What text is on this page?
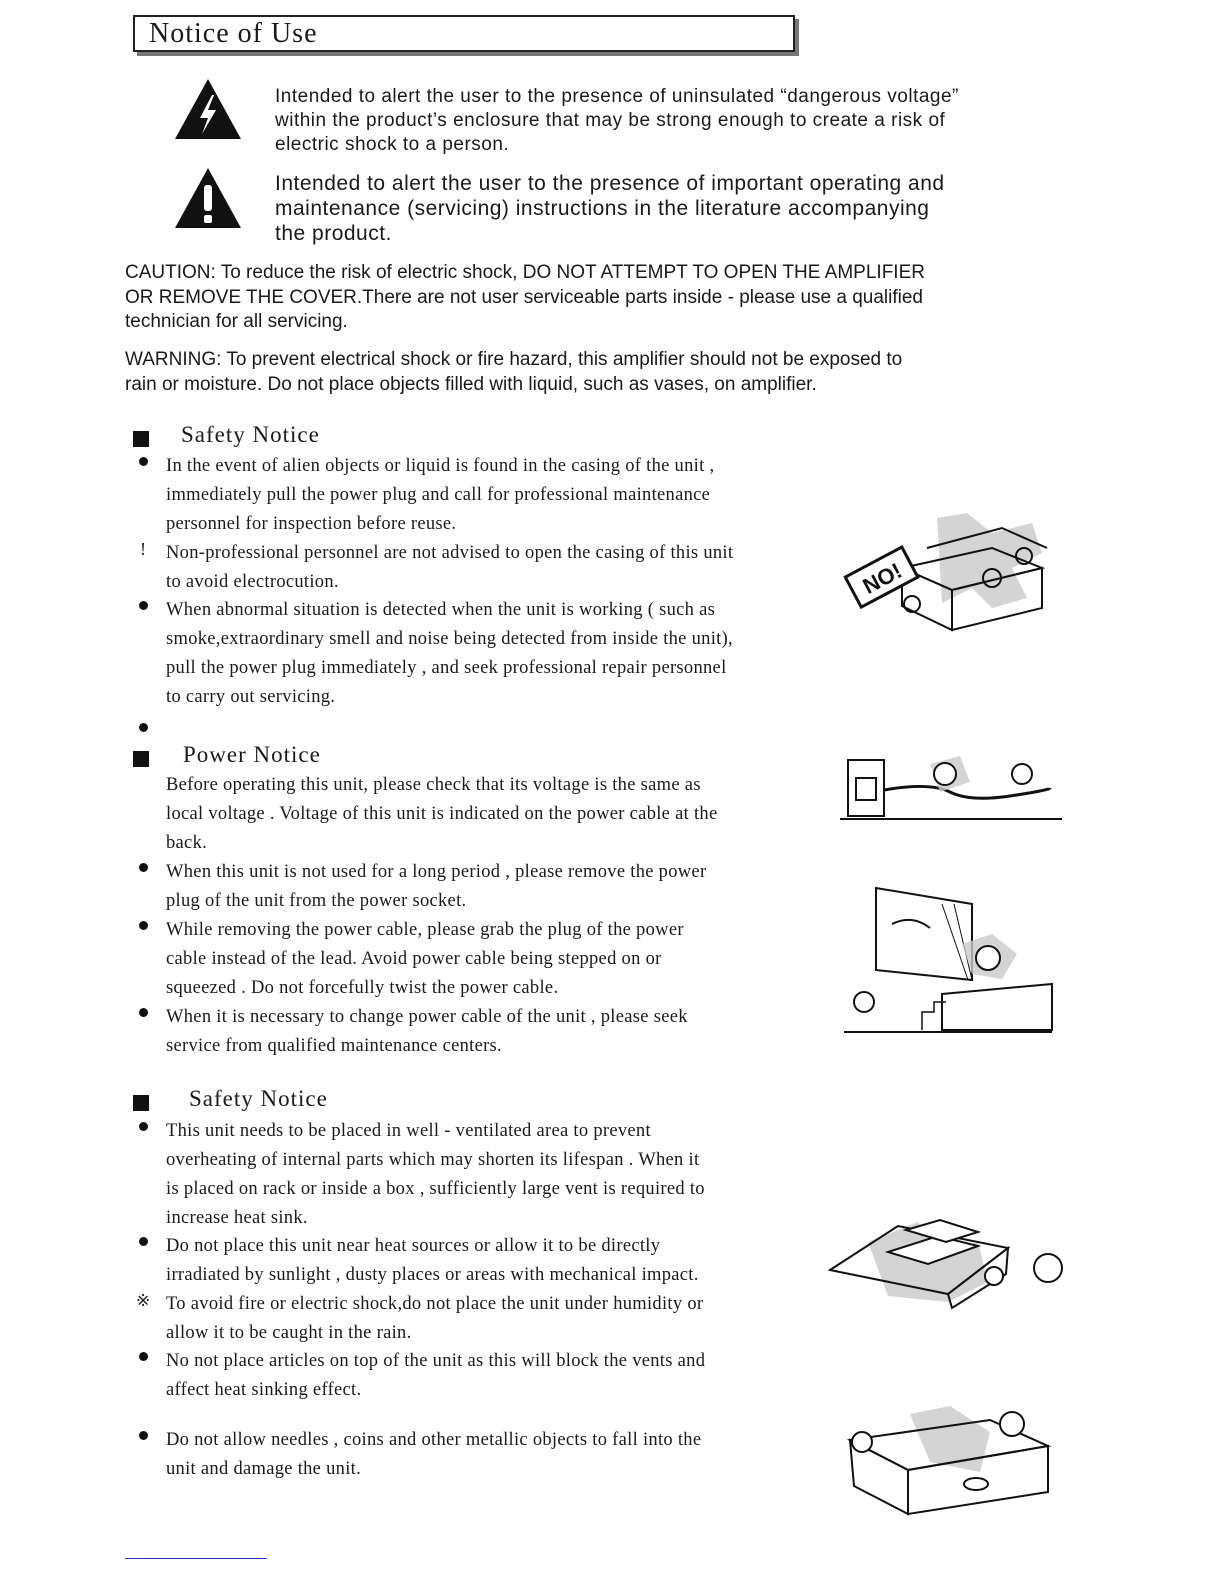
Notice of Use
Intended to alert the user to the presence of uninsulated “dangerous voltage”
within the product’s enclosure that may be strong enough to create a risk of
electric shock to a person.
Intended to alert the user to the presence of important operating and
maintenance (servicing) instructions in the literature accompanying
the product.
CAUTION: To reduce the risk of electric shock, DO NOT ATTEMPT TO OPEN THE AMPLIFIER
OR REMOVE THE COVER.There are not user serviceable parts inside - please use a qualified
technician for all servicing.
WARNING: To prevent electrical shock or fire hazard, this amplifier should not be exposed to
rain or moisture. Do not place objects filled with liquid, such as vases, on amplifier.
Safety Notice
In the event of alien objects or liquid is found in the casing of the unit ,
immediately pull the power plug and call for professional maintenance
personnel for inspection before reuse.
! Non-professional personnel are not advised to open the casing of this unit
to avoid electrocution.
When abnormal situation is detected when the unit is working ( such as
smoke,extraordinary smell and noise being detected from inside the unit),
pull the power plug immediately , and seek professional repair personnel
to carry out servicing.
NO!
Power Notice
Before operating this unit, please check that its voltage is the same as
local voltage . Voltage of this unit is indicated on the power cable at the
back.
When this unit is not used for a long period , please remove the power
plug of the unit from the power socket.
While removing the power cable, please grab the plug of the power
cable instead of the lead. Avoid power cable being stepped on or
squeezed . Do not forcefully twist the power cable.
When it is necessary to change power cable of the unit , please seek
service from qualified maintenance centers.
Safety Notice
This unit needs to be placed in well - ventilated area to prevent
overheating of internal parts which may shorten its lifespan . When it
is placed on rack or inside a box , sufficiently large vent is required to
increase heat sink.
Do not place this unit near heat sources or allow it to be directly
irradiated by sunlight , dusty places or areas with mechanical impact.
※ To avoid fire or electric shock,do not place the unit under humidity or
allow it to be caught in the rain.
No not place articles on top of the unit as this will block the vents and
affect heat sinking effect.
Do not allow needles , coins and other metallic objects to fall into the
unit and damage the unit.
